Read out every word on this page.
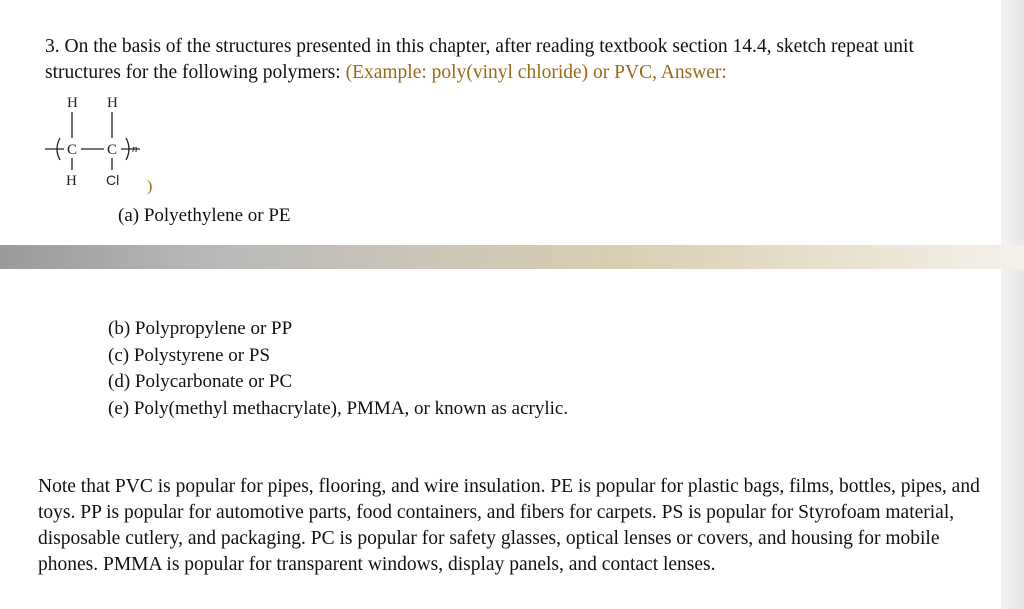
3. On the basis of the structures presented in this chapter, after reading textbook section 14.4, sketch repeat unit structures for the following polymers: (Example: poly(vinyl chloride) or PVC, Answer:
H H
C C
H Cl
n
)
(a) Polyethylene or PE
(b) Polypropylene or PP
(c) Polystyrene or PS
(d) Polycarbonate or PC
(e) Poly(methyl methacrylate), PMMA, or known as acrylic.
Note that PVC is popular for pipes, flooring, and wire insulation. PE is popular for plastic bags, films, bottles, pipes, and toys. PP is popular for automotive parts, food containers, and fibers for carpets. PS is popular for Styrofoam material, disposable cutlery, and packaging. PC is popular for safety glasses, optical lenses or covers, and housing for mobile phones. PMMA is popular for transparent windows, display panels, and contact lenses.
